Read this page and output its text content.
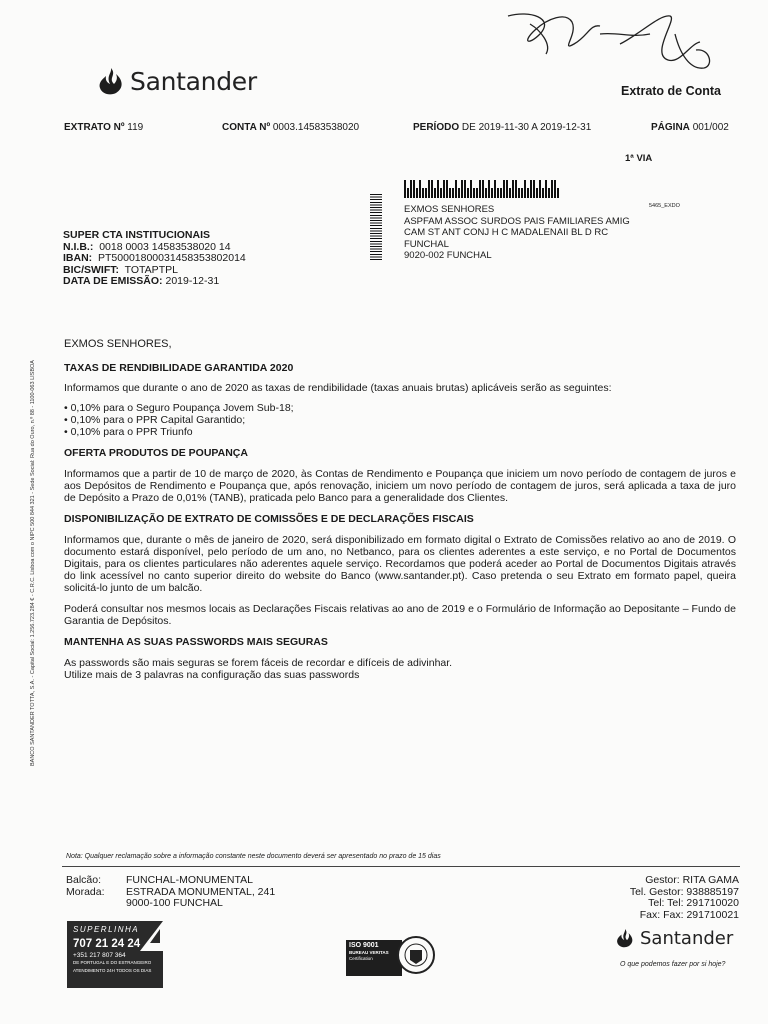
Santander	Extrato de Conta
EXTRATO Nº 119	CONTA Nº 0003.14583538020	PERÍODO DE 2019-11-30 A 2019-12-31	PÁGINA 001/002
1ª VIA
SUPER CTA INSTITUCIONAIS
N.I.B.: 0018 0003 14583538020 14
IBAN: PT50001800031458353802014
BIC/SWIFT: TOTAPTPL
DATA DE EMISSÃO: 2019-12-31
5465_EXDO
EXMOS SENHORES
ASPFAM ASSOC SURDOS PAIS FAMILIARES AMIG
CAM ST ANT CONJ H C MADALENAII BL D RC
FUNCHAL
9020-002 FUNCHAL
BANCO SANTANDER TOTTA, S.A. - Capital Social: 1.256.723.284 € - C.R.C. Lisboa com o NIPC 500 844 321 - Sede Social: Rua do Ouro, n.º 88 - 1100-063 LISBOA
EXMOS SENHORES,
TAXAS DE RENDIBILIDADE GARANTIDA 2020
Informamos que durante o ano de 2020 as taxas de rendibilidade (taxas anuais brutas) aplicáveis serão as seguintes:
• 0,10% para o Seguro Poupança Jovem Sub-18;
• 0,10% para o PPR Capital Garantido;
• 0,10% para o PPR Triunfo
OFERTA PRODUTOS DE POUPANÇA
Informamos que a partir de 10 de março de 2020, às Contas de Rendimento e Poupança que iniciem um novo período de contagem de juros e aos Depósitos de Rendimento e Poupança que, após renovação, iniciem um novo período de contagem de juros, será aplicada a taxa de juro de Depósito a Prazo de 0,01% (TANB), praticada pelo Banco para a generalidade dos Clientes.
DISPONIBILIZAÇÃO DE EXTRATO DE COMISSÕES E DE DECLARAÇÕES FISCAIS
Informamos que, durante o mês de janeiro de 2020, será disponibilizado em formato digital o Extrato de Comissões relativo ao ano de 2019. O documento estará disponível, pelo período de um ano, no Netbanco, para os clientes aderentes a este serviço, e no Portal de Documentos Digitais, para os clientes particulares não aderentes aquele serviço. Recordamos que poderá aceder ao Portal de Documentos Digitais através do link acessível no canto superior direito do website do Banco (www.santander.pt). Caso pretenda o seu Extrato em formato papel, queira solicitá-lo junto de um balcão.
Poderá consultar nos mesmos locais as Declarações Fiscais relativas ao ano de 2019 e o Formulário de Informação ao Depositante – Fundo de Garantia de Depósitos.
MANTENHA AS SUAS PASSWORDS MAIS SEGURAS
As passwords são mais seguras se forem fáceis de recordar e difíceis de adivinhar.
Utilize mais de 3 palavras na configuração das suas passwords
Nota: Qualquer reclamação sobre a informação constante neste documento deverá ser apresentado no prazo de 15 dias
Balcão:	FUNCHAL-MONUMENTAL
Morada:	ESTRADA MONUMENTAL, 241
9000-100 FUNCHAL
Gestor: RITA GAMA
Tel. Gestor: 938885197
Tel: Tel: 291710020
Fax: Fax: 291710021
SUPERLINHA
707 21 24 24
+351 217 807 364
DE PORTUGAL E DO ESTRANGEIRO
ATENDIMENTO 24H TODOS OS DIAS
ISO 9001
BUREAU VERITAS
Certification
Santander
O que podemos fazer por si hoje?
